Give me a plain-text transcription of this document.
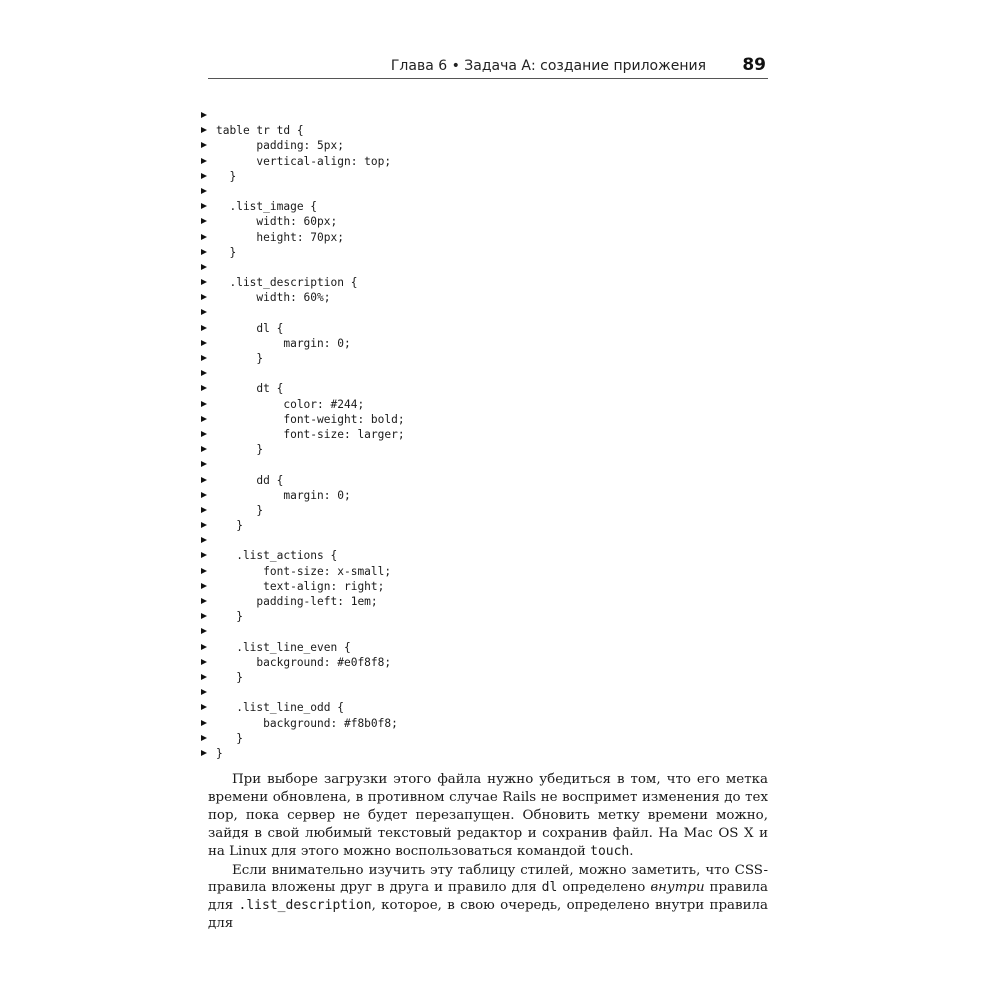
Глава 6 • Задача А: создание приложения 89
table tr td {
padding: 5px;
vertical-align: top;
}
.list_image {
width: 60px;
height: 70px;
}
.list_description {
width: 60%;
dl {
margin: 0;
}
dt {
color: #244;
font-weight: bold;
font-size: larger;
}
dd {
margin: 0;
}
}
.list_actions {
font-size: x-small;
text-align: right;
padding-left: 1em;
}
.list_line_even {
background: #e0f8f8;
}
.list_line_odd {
background: #f8b0f8;
}
}

При выборе загрузки этого файла нужно убедиться в том, что его метка времени обновлена, в противном случае Rails не воспримет изменения до тех пор, пока сервер не будет перезапущен. Обновить метку времени можно, зайдя в свой любимый текстовый редактор и сохранив файл. На Mac OS X и на Linux для этого можно воспользоваться командой touch.

Если внимательно изучить эту таблицу стилей, можно заметить, что CSS-правила вложены друг в друга и правило для dl определено внутри правила для .list_description, которое, в свою очередь, определено внутри правила для
